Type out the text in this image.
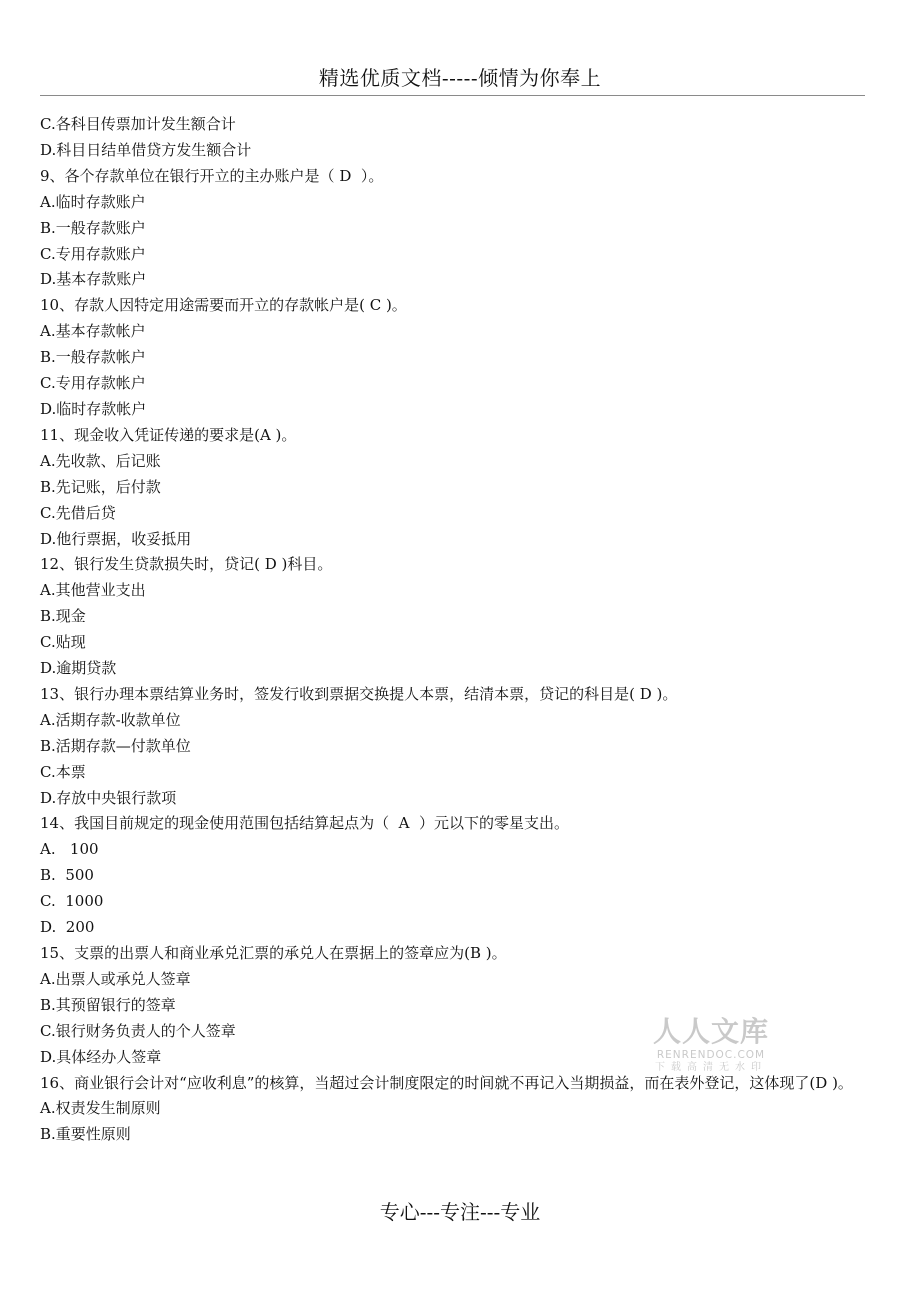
精选优质文档-----倾情为你奉上
C.各科目传票加计发生额合计
D.科目日结单借贷方发生额合计
9、各个存款单位在银行开立的主办账户是（ D  ）。
A.临时存款账户
B.一般存款账户
C.专用存款账户
D.基本存款账户
10、存款人因特定用途需要而开立的存款帐户是( C )。
A.基本存款帐户
B.一般存款帐户
C.专用存款帐户
D.临时存款帐户
11、现金收入凭证传递的要求是(A )。
A.先收款、后记账
B.先记账，后付款
C.先借后贷
D.他行票据，收妥抵用
12、银行发生贷款损失时，贷记( D )科目。
A.其他营业支出
B.现金
C.贴现
D.逾期贷款
13、银行办理本票结算业务时，签发行收到票据交换提人本票，结清本票，贷记的科目是( D )。
A.活期存款-收款单位
B.活期存款—付款单位
C.本票
D.存放中央银行款项
14、我国目前规定的现金使用范围包括结算起点为（  A  ）元以下的零星支出。
A.   100
B.  500
C.  1000
D.  200
15、支票的出票人和商业承兑汇票的承兑人在票据上的签章应为(B )。
A.出票人或承兑人签章
B.其预留银行的签章
C.银行财务负责人的个人签章
D.具体经办人签章
16、商业银行会计对“应收利息”的核算，当超过会计制度限定的时间就不再记入当期损益，而在表外登记，这体现了(D )。
A.权责发生制原则
B.重要性原则
人人文库
RENRENDOC.COM
下载高清无水印
专心---专注---专业
